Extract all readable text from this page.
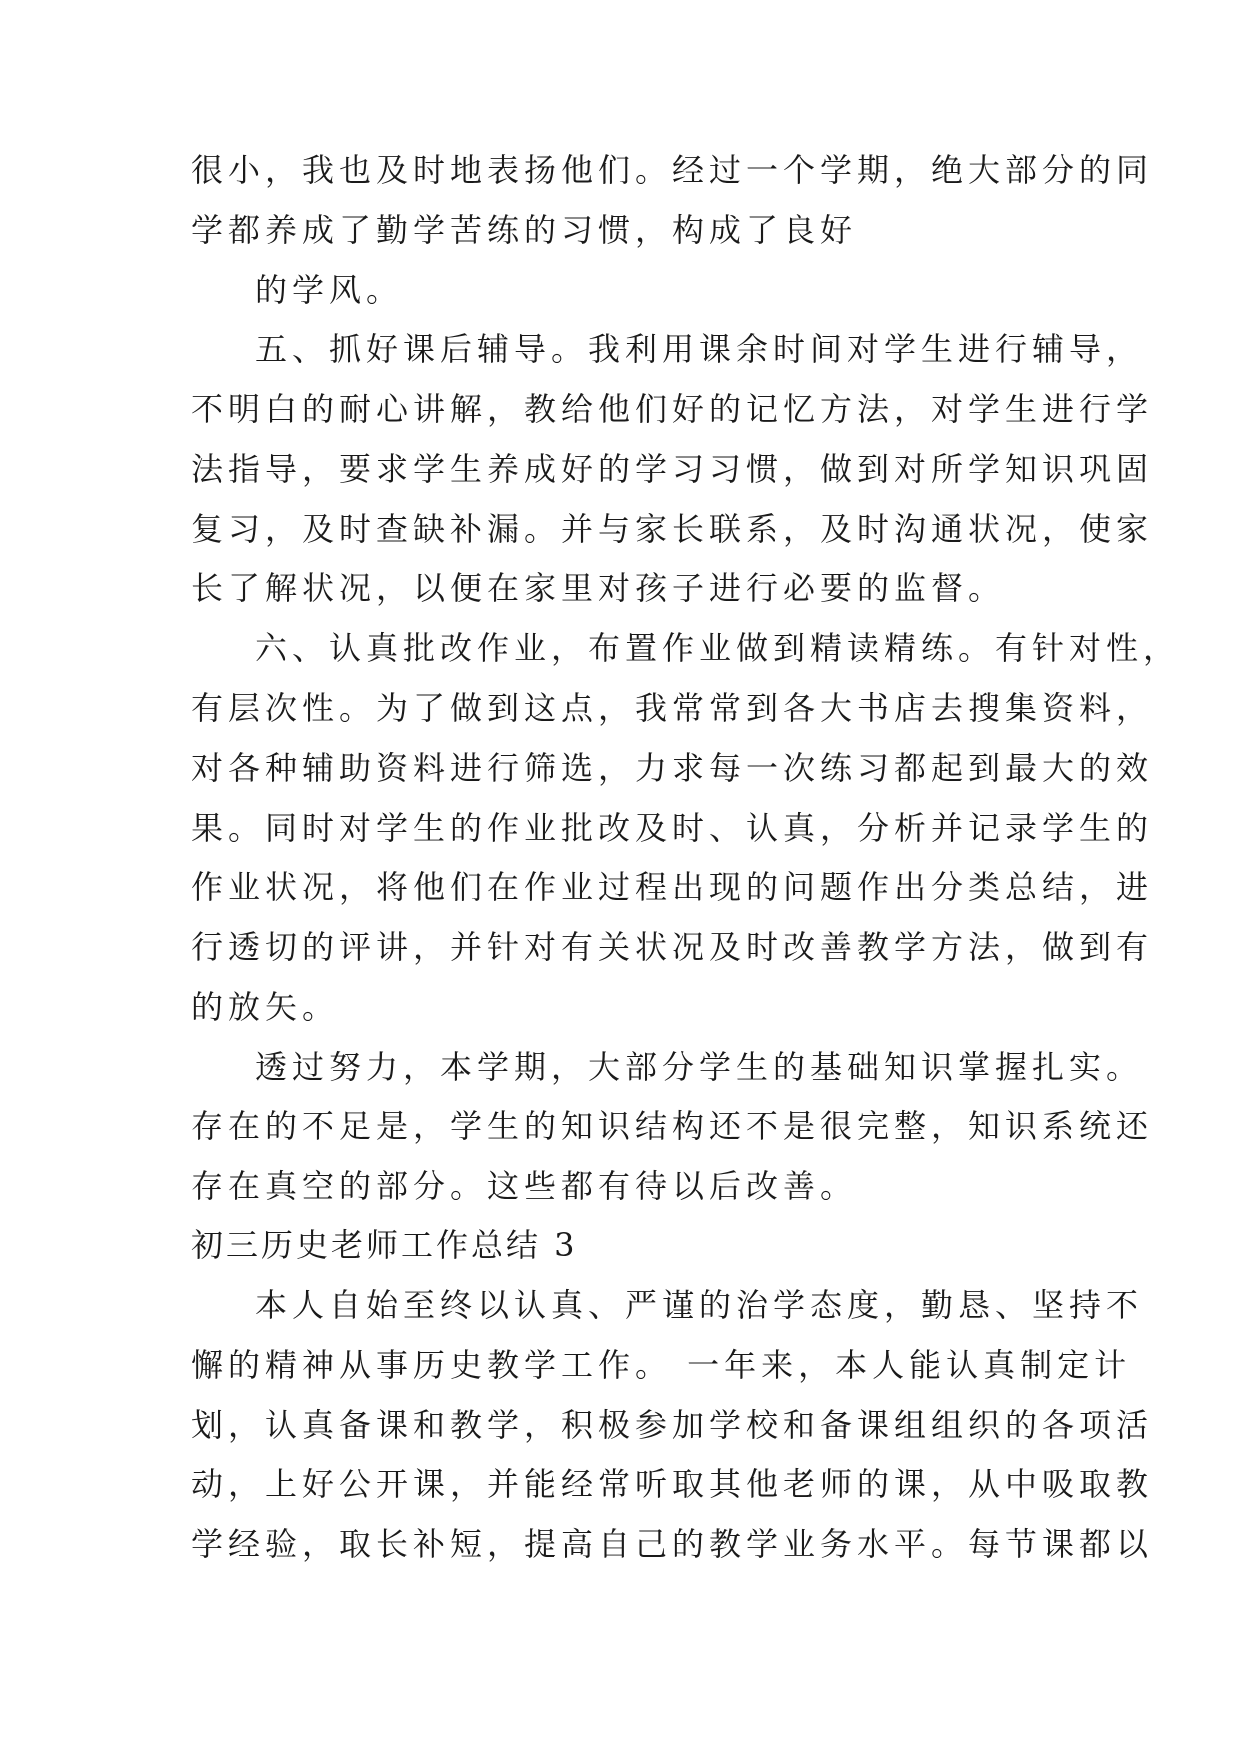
很小，我也及时地表扬他们。经过一个学期，绝大部分的同
学都养成了勤学苦练的习惯，构成了良好
的学风。
五、抓好课后辅导。我利用课余时间对学生进行辅导，
不明白的耐心讲解，教给他们好的记忆方法，对学生进行学
法指导，要求学生养成好的学习习惯，做到对所学知识巩固
复习，及时查缺补漏。并与家长联系，及时沟通状况，使家
长了解状况，以便在家里对孩子进行必要的监督。
六、认真批改作业，布置作业做到精读精练。有针对性，
有层次性。为了做到这点，我常常到各大书店去搜集资料，
对各种辅助资料进行筛选，力求每一次练习都起到最大的效
果。同时对学生的作业批改及时、认真，分析并记录学生的
作业状况，将他们在作业过程出现的问题作出分类总结，进
行透切的评讲，并针对有关状况及时改善教学方法，做到有
的放矢。
透过努力，本学期，大部分学生的基础知识掌握扎实。
存在的不足是，学生的知识结构还不是很完整，知识系统还
存在真空的部分。这些都有待以后改善。
初三历史老师工作总结 3
本人自始至终以认真、严谨的治学态度，勤恳、坚持不
懈的精神从事历史教学工作。 一年来，本人能认真制定计
划，认真备课和教学，积极参加学校和备课组组织的各项活
动，上好公开课，并能经常听取其他老师的课，从中吸取教
学经验，取长补短，提高自己的教学业务水平。每节课都以
